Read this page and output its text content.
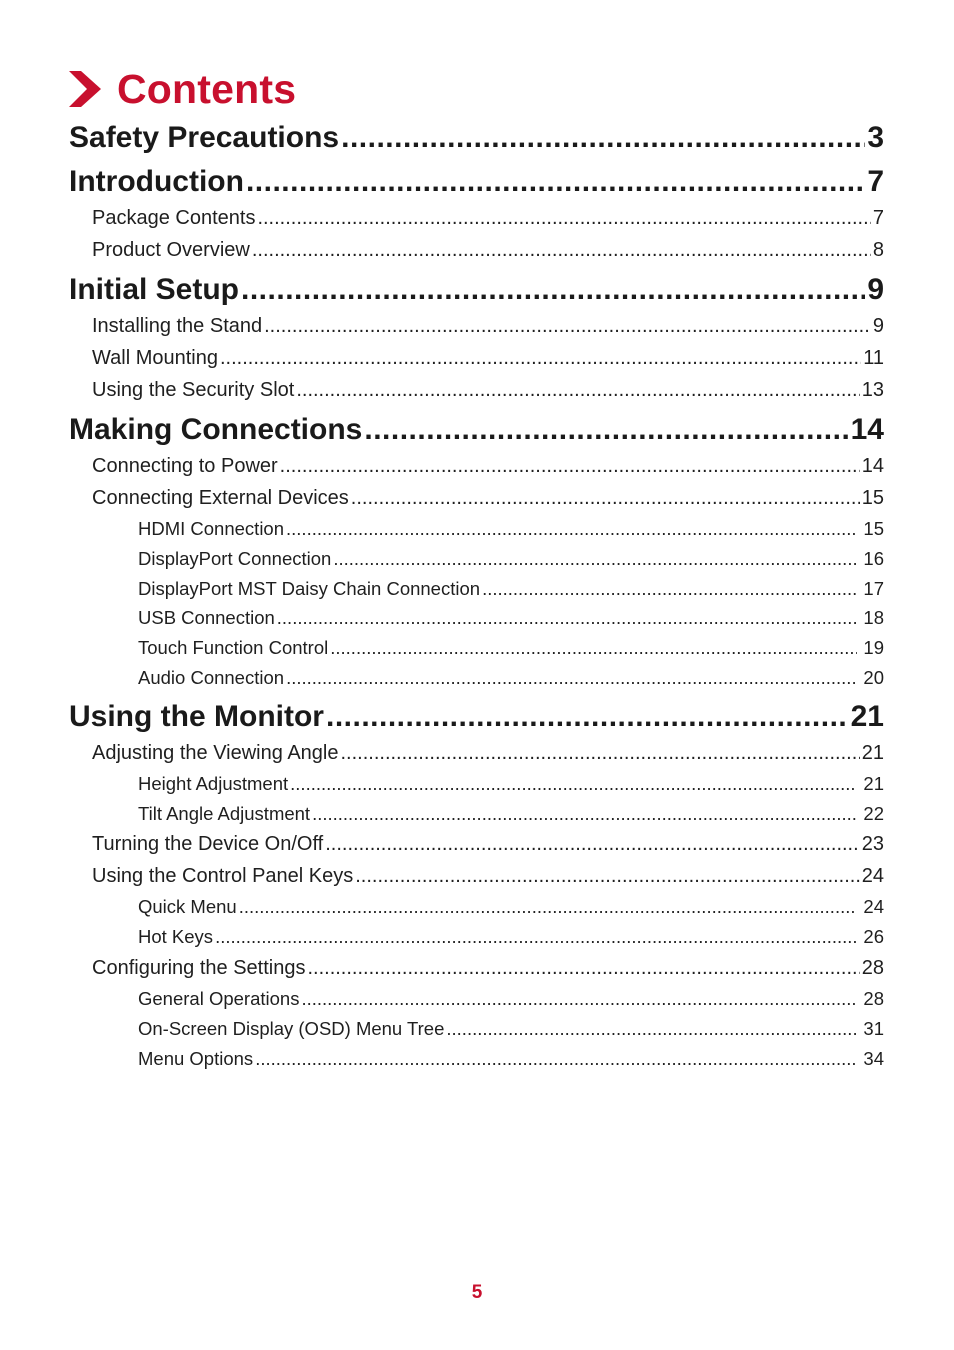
Contents
Safety Precautions .....	3
Introduction .....	7
Package Contents .....	7
Product Overview .....	8
Initial Setup .....	9
Installing the Stand .....	9
Wall Mounting .....	11
Using the Security Slot .....	13
Making Connections .....	14
Connecting to Power .....	14
Connecting External Devices .....	15
HDMI Connection .....	15
DisplayPort Connection .....	16
DisplayPort MST Daisy Chain Connection .....	17
USB Connection .....	18
Touch Function Control .....	19
Audio Connection .....	20
Using the Monitor .....	21
Adjusting the Viewing Angle .....	21
Height Adjustment .....	21
Tilt Angle Adjustment .....	22
Turning the Device On/Off .....	23
Using the Control Panel Keys .....	24
Quick Menu .....	24
Hot Keys .....	26
Configuring the Settings .....	28
General Operations .....	28
On-Screen Display (OSD) Menu Tree .....	31
Menu Options .....	34
5
